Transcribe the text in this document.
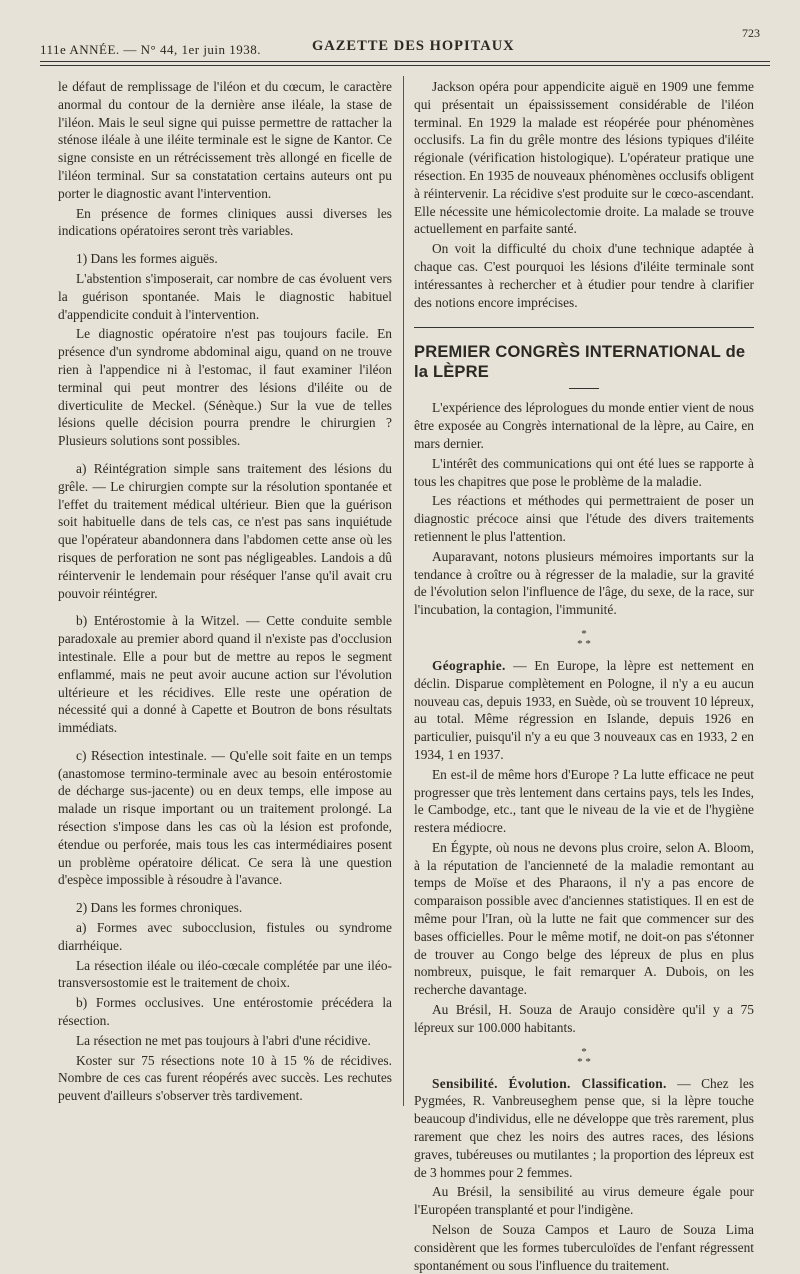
111e ANNÉE. — N° 44, 1er juin 1938.	GAZETTE DES HOPITAUX
723

le défaut de remplissage de l'iléon et du cœcum, le caractère anormal du contour de la dernière anse iléale, la stase de l'iléon. Mais le seul signe qui puisse permettre de rattacher la sténose iléale à une iléite terminale est le signe de Kantor. Ce signe consiste en un rétrécissement très allongé en ficelle de l'iléon terminal. Sur sa constatation certains auteurs ont pu porter le diagnostic avant l'intervention.

En présence de formes cliniques aussi diverses les indications opératoires seront très variables.

1) Dans les formes aiguës.

L'abstention s'imposerait, car nombre de cas évoluent vers la guérison spontanée. Mais le diagnostic habituel d'appendicite conduit à l'intervention.

Le diagnostic opératoire n'est pas toujours facile. En présence d'un syndrome abdominal aigu, quand on ne trouve rien à l'appendice ni à l'estomac, il faut examiner l'iléon terminal qui peut montrer des lésions d'iléite ou de diverticulite de Meckel. (Sénèque.) Sur la vue de telles lésions quelle décision pourra prendre le chirurgien ? Plusieurs solutions sont possibles.

a) Réintégration simple sans traitement des lésions du grêle. — Le chirurgien compte sur la résolution spontanée et l'effet du traitement médical ultérieur. Bien que la guérison soit habituelle dans de tels cas, ce n'est pas sans inquiétude que l'opérateur abandonnera dans l'abdomen cette anse où les risques de perforation ne sont pas négligeables. Landois a dû réintervenir le lendemain pour réséquer l'anse qu'il avait cru pouvoir réintégrer.

b) Entérostomie à la Witzel. — Cette conduite semble paradoxale au premier abord quand il n'existe pas d'occlusion intestinale. Elle a pour but de mettre au repos le segment enflammé, mais ne peut avoir aucune action sur l'évolution ultérieure et les récidives. Elle reste une opération de nécessité qui a donné à Capette et Boutron de bons résultats immédiats.

c) Résection intestinale. — Qu'elle soit faite en un temps (anastomose termino-terminale avec au besoin entérostomie de décharge sus-jacente) ou en deux temps, elle impose au malade un risque important ou un traitement prolongé. La résection s'impose dans les cas où la lésion est profonde, étendue ou perforée, mais tous les cas intermédiaires posent un problème opératoire délicat. Ce sera là une question d'espèce impossible à résoudre à l'avance.

2) Dans les formes chroniques.

a) Formes avec subocclusion, fistules ou syndrome diarrhéique.

La résection iléale ou iléo-cœcale complétée par une iléo-transversostomie est le traitement de choix.

b) Formes occlusives. Une entérostomie précédera la résection.

La résection ne met pas toujours à l'abri d'une récidive.

Koster sur 75 résections note 10 à 15 % de récidives. Nombre de ces cas furent réopérés avec succès. Les rechutes peuvent d'ailleurs s'observer très tardivement.

Jackson opéra pour appendicite aiguë en 1909 une femme qui présentait un épaississement considérable de l'iléon terminal. En 1929 la malade est réopérée pour phénomènes occlusifs. La fin du grêle montre des lésions typiques d'iléite régionale (vérification histologique). L'opérateur pratique une résection. En 1935 de nouveaux phénomènes occlusifs obligent à réintervenir. La récidive s'est produite sur le cœco-ascendant. Elle nécessite une hémicolectomie droite. La malade se trouve actuellement en parfaite santé.

On voit la difficulté du choix d'une technique adaptée à chaque cas. C'est pourquoi les lésions d'iléite terminale sont intéressantes à rechercher et à étudier pour tendre à clarifier des notions encore imprécises.

PREMIER CONGRÈS INTERNATIONAL de la LÈPRE

L'expérience des léprologues du monde entier vient de nous être exposée au Congrès international de la lèpre, au Caire, en mars dernier.

L'intérêt des communications qui ont été lues se rapporte à tous les chapitres que pose le problème de la maladie.

Les réactions et méthodes qui permettraient de poser un diagnostic précoce ainsi que l'étude des divers traitements retiennent le plus l'attention.

Auparavant, notons plusieurs mémoires importants sur la tendance à croître ou à régresser de la maladie, sur la gravité de l'évolution selon l'influence de l'âge, du sexe, de la race, sur l'incubation, la contagion, l'immunité.

*
* *

Géographie. — En Europe, la lèpre est nettement en déclin. Disparue complètement en Pologne, il n'y a eu aucun nouveau cas, depuis 1933, en Suède, où se trouvent 10 lépreux, au total. Même régression en Islande, depuis 1926 en particulier, puisqu'il n'y a eu que 3 nouveaux cas en 1933, 2 en 1934, 1 en 1937.

En est-il de même hors d'Europe ? La lutte efficace ne peut progresser que très lentement dans certains pays, tels les Indes, le Cambodge, etc., tant que le niveau de la vie et de l'hygiène restera médiocre.

En Égypte, où nous ne devons plus croire, selon A. Bloom, à la réputation de l'ancienneté de la maladie remontant au temps de Moïse et des Pharaons, il n'y a pas encore de comparaison possible avec d'anciennes statistiques. Il en est de même pour l'Iran, où la lutte ne fait que commencer sur des bases officielles. Pour le même motif, ne doit-on pas s'étonner de trouver au Congo belge des lépreux de plus en plus nombreux, puisque, le fait remarquer A. Dubois, on les recherche davantage.

Au Brésil, H. Souza de Araujo considère qu'il y a 75 lépreux sur 100.000 habitants.

*
* *

Sensibilité. Évolution. Classification. — Chez les Pygmées, R. Vanbreuseghem pense que, si la lèpre touche beaucoup d'individus, elle ne développe que très rarement, plus rarement que chez les noirs des autres races, des lésions graves, tubéreuses ou mutilantes ; la proportion des lépreux est de 3 hommes pour 2 femmes.

Au Brésil, la sensibilité au virus demeure égale pour l'Européen transplanté et pour l'indigène.

Nelson de Souza Campos et Lauro de Souza Lima considèrent que les formes tuberculoïdes de l'enfant régressent spontanément ou sous l'influence du traitement.
